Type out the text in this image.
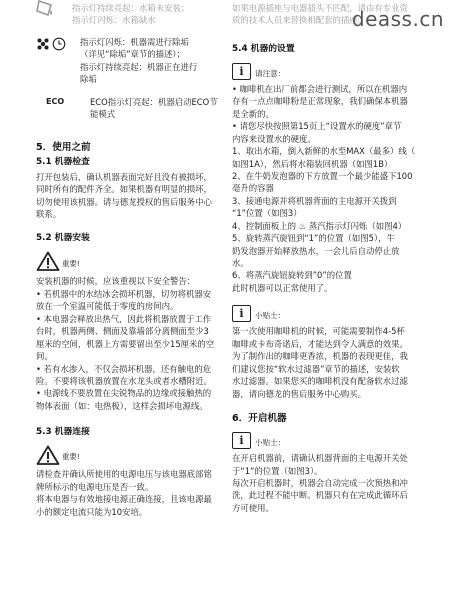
指示灯持续亮起：水箱未安装；

指示灯闪烁：水箱缺水

指示灯闪烁：机器需进行除垢

（详见“除垢”章节的描述）；

指示灯持续亮起：机器正在进行

除垢

ECO	ECO指示灯亮起：机器启动ECO节

能模式

5．使用之前
5.1 机器检查

打开包装后，确认机器表面完好且没有被损坏，

同时所有的配件齐全。如果机器有明显的损坏，

切勿使用该机器。请与德龙授权的售后服务中心

联系。

5.2 机器安装
重要!

安装机器的时候，应该重视以下安全警告：

• 若机器中的水结冰会损坏机器，切勿将机器安

放在一个室温可能低于零度的房间内。

• 本电器会释放出热气，因此将机器放置于工作

台时，机器两侧、侧面及靠墙部分离侧面至少3

厘米的空间，机器上方需要留出至少15厘米的空

间。

• 若有水渗入，不仅会损坏机器，还有触电的危

险。不要将该机器放置在水龙头或者水槽附近。

• 电源线不要放置在尖锐物品的边缘或接触热的

物体表面（如：电热板），这样会损坏电源线。

5.3 机器连接
重要!

请检查并确认所使用的电源电压与该电器底部铭

牌所标示的电源电压是否一致。

将本电器与有效地接电源正确连接，且该电源最

小的额定电流只能为10安培。

如果电源插座与电器插头不匹配，请由有专业资

质的技术人员来替换相配套的插座。

5.4 机器的设置
i	请注意：

• 咖啡机在出厂前都会进行测试，所以在机器内

存有一点点咖啡粉是正常现象，我们确保本机器

是全新的。

• 请您尽快按照第15页上“设置水的硬度”章节

内容来设置水的硬度。

1、取出水箱，倒入新鲜的水至MAX（最多）线（

如图1A），然后将水箱装回机器（如图1B）

2、在牛奶发泡器的下方放置一个最少能盛下100

毫升的容器

3、接通电源并将机器背面的主电源开关拨到

“1”位置（如图3）

4、控制面板上的 ♨ 蒸汽指示灯闪烁（如图4）

5、旋转蒸汽旋钮到“1”的位置（如图5），牛

奶发泡器开始释放热水，一会儿后自动停止放

水。

6、将蒸汽旋钮旋转到”0”的位置

此时机器可以正常使用了。

i	小贴士：

第一次使用咖啡机的时候，可能需要制作4-5杯

咖啡或卡布奇诺后，才能达到令人满意的效果。

为了制作出的咖啡更香浓，机器的表现更佳，我

们建议您按“软水过滤器”章节的描述，安装软

水过滤器。如果您买的咖啡机没有配备软水过滤

器，请向德龙的售后服务中心购买。

6．开启机器
i	小贴士：

在开启机器前，请确认机器背面的主电源开关处

于“1”的位置（如图3）。

每次开启机器时，机器会自动完成一次预热和冲

洗，此过程不能中断。机器只有在完成此循环后

方可使用。

deass.cn
